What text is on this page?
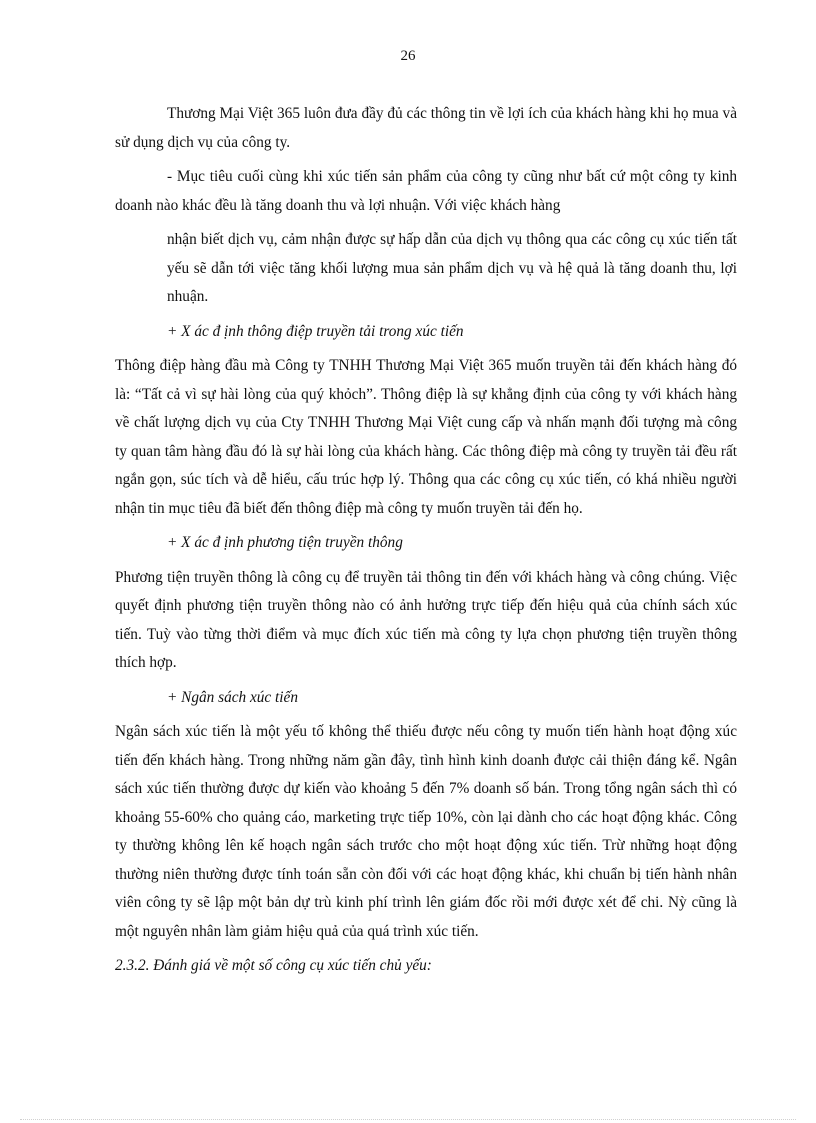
26

Thương Mại Việt 365 luôn đưa đầy đủ các thông tin về lợi ích của khách hàng khi họ mua và sử dụng dịch vụ của công ty.

- Mục tiêu cuối cùng khi xúc tiến sản phẩm của công ty cũng như bất cứ một công ty kinh doanh nào khác đều là tăng doanh thu và lợi nhuận. Với việc khách hàng

nhận biết dịch vụ, cảm nhận được sự hấp dẫn của dịch vụ thông qua các công cụ xúc tiến tất yếu sẽ dẫn tới việc tăng khối lượng mua sản phẩm dịch vụ và hệ quả là tăng doanh thu, lợi nhuận.

+ X ác đ ịnh thông điệp truyền tải trong xúc tiến

Thông điệp hàng đầu mà Công ty TNHH Thương Mại Việt 365 muốn truyền tải đến khách hàng đó là: “Tất cả vì sự hài lòng của quý khỏch”. Thông điệp là sự khẳng định của công ty với khách hàng về chất lượng dịch vụ của Cty TNHH Thương Mại Việt cung cấp và nhấn mạnh đối tượng mà công ty quan tâm hàng đầu đó là sự hài lòng của khách hàng. Các thông điệp mà công ty truyền tải đều rất ngắn gọn, súc tích và dễ hiểu, cấu trúc hợp lý. Thông qua các công cụ xúc tiến, có khá nhiều người nhận tin mục tiêu đã biết đến thông điệp mà công ty muốn truyền tải đến họ.

+ X ác đ ịnh phương tiện truyền thông

Phương tiện truyền thông là công cụ để truyền tải thông tin đến với khách hàng và công chúng. Việc quyết định phương tiện truyền thông nào có ảnh hưởng trực tiếp đến hiệu quả của chính sách xúc tiến. Tuỳ vào từng thời điểm và mục đích xúc tiến mà công ty lựa chọn phương tiện truyền thông thích hợp.

+ Ngân sách xúc tiến

Ngân sách xúc tiến là một yếu tố không thể thiếu được nếu công ty muốn tiến hành hoạt động xúc tiến đến khách hàng. Trong những năm gần đây, tình hình kinh doanh được cải thiện đáng kể. Ngân sách xúc tiến thường được dự kiến vào khoảng 5 đến 7% doanh số bán. Trong tổng ngân sách thì có khoảng 55-60% cho quảng cáo, marketing trực tiếp 10%, còn lại dành cho các hoạt động khác. Công ty thường không lên kế hoạch ngân sách trước cho một hoạt động xúc tiến. Trừ những hoạt động thường niên thường được tính toán sẵn còn đối với các hoạt động khác, khi chuẩn bị tiến hành nhân viên công ty sẽ lập một bản dự trù kinh phí trình lên giám đốc rồi mới được xét để chi. Nỳ cũng là một nguyên nhân làm giảm hiệu quả của quá trình xúc tiến.

2.3.2. Đánh giá về một số công cụ xúc tiến chủ yếu:
